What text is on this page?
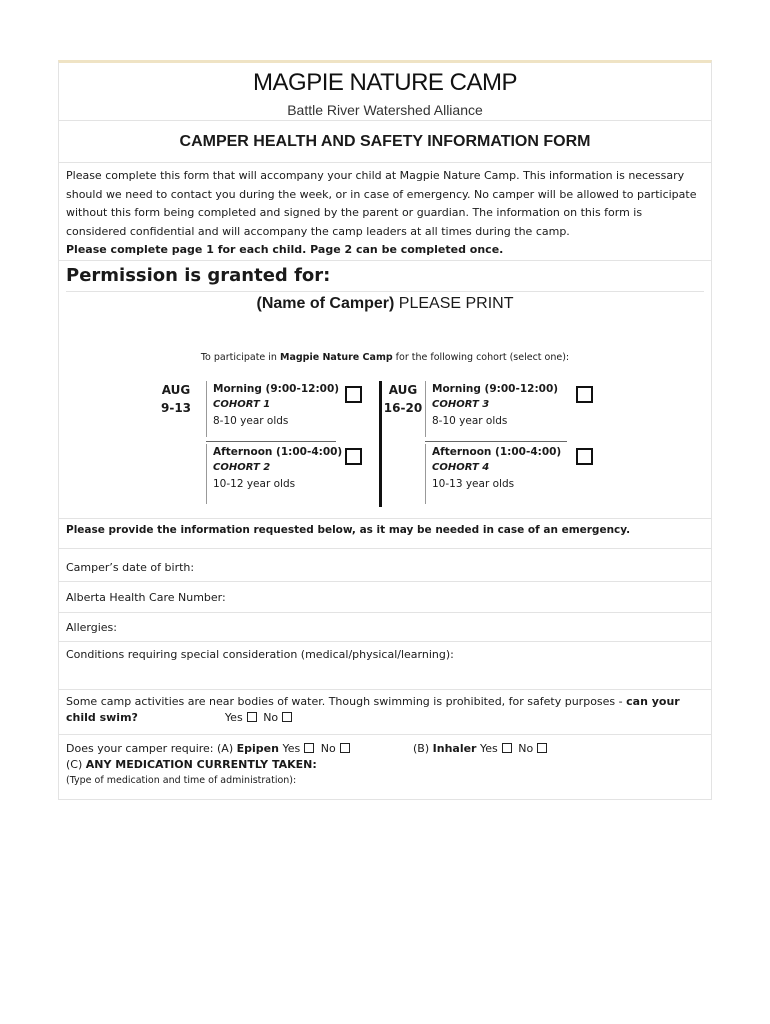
MAGPIE NATURE CAMP
Battle River Watershed Alliance
CAMPER HEALTH AND SAFETY INFORMATION FORM
Please complete this form that will accompany your child at Magpie Nature Camp. This information is necessary should we need to contact you during the week, or in case of emergency. No camper will be allowed to participate without this form being completed and signed by the parent or guardian. The information on this form is considered confidential and will accompany the camp leaders at all times during the camp.
Please complete page 1 for each child. Page 2 can be completed once.
Permission is granted for:
(Name of Camper) PLEASE PRINT
To participate in Magpie Nature Camp for the following cohort (select one):
AUG
9-13
Morning (9:00-12:00)
COHORT 1
8-10 year olds
Afternoon (1:00-4:00)
COHORT 2
10-12 year olds
AUG
16-20
Morning (9:00-12:00)
COHORT 3
8-10 year olds
Afternoon (1:00-4:00)
COHORT 4
10-13 year olds
Please provide the information requested below, as it may be needed in case of an emergency.
Camper’s date of birth:
Alberta Health Care Number:
Allergies:
Conditions requiring special consideration (medical/physical/learning):
Some camp activities are near bodies of water. Though swimming is prohibited, for safety purposes - can your child swim?	Yes No
Does your camper require: (A) Epipen Yes No	(B) Inhaler Yes No
(C) ANY MEDICATION CURRENTLY TAKEN:
(Type of medication and time of administration):
